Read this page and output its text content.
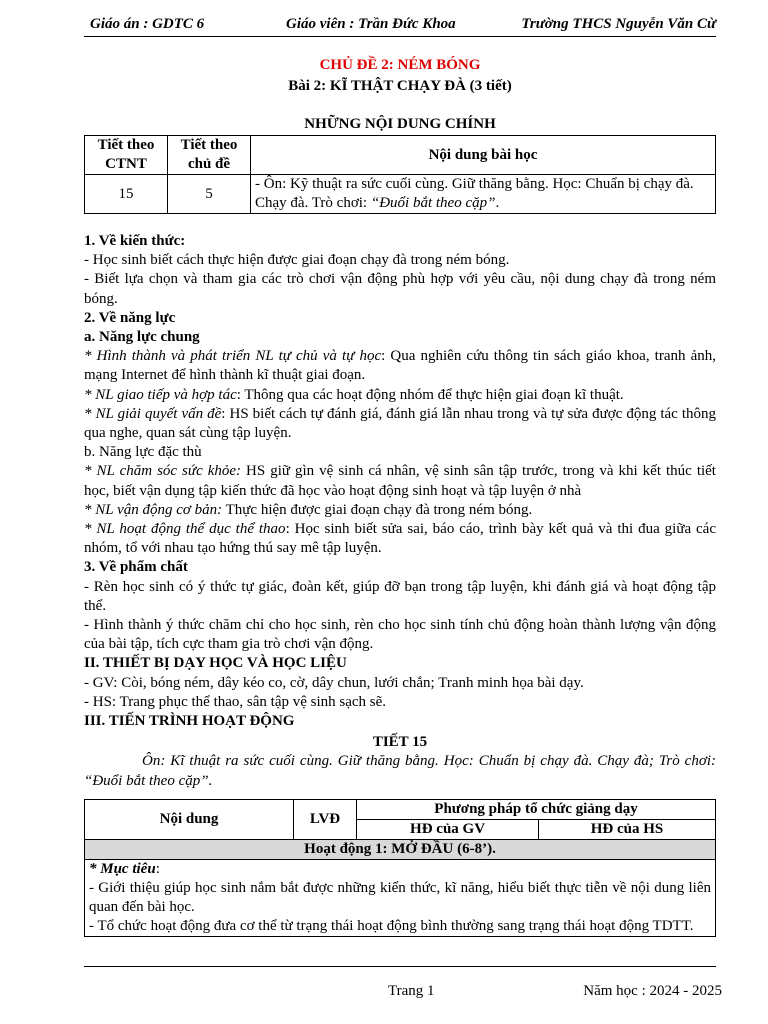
Giáo án : GDTC 6	Giáo viên : Trần Đức Khoa	Trường THCS Nguyễn Văn Cừ
CHỦ ĐỀ 2: NÉM BÓNG
Bài 2: KĨ THẬT CHẠY ĐÀ (3 tiết)
NHỮNG NỘI DUNG CHÍNH
Tiết theo CTNT	Tiết theo chủ đề	Nội dung bài học
15	5	- Ôn: Kỹ thuật ra sức cuối cùng. Giữ thăng bằng. Học: Chuẩn bị chạy đà. Chạy đà. Trò chơi: “Đuổi bắt theo cặp”.

1. Về kiến thức:

- Học sinh biết cách thực hiện được giai đoạn chạy đà trong ném bóng.

- Biết lựa chọn và tham gia các trò chơi vận động phù hợp với yêu cầu, nội dung chạy đà trong ném bóng.

2. Về năng lực

a. Năng lực chung

* Hình thành và phát triển NL tự chủ và tự học: Qua nghiên cứu thông tin sách giáo khoa, tranh ảnh, mạng Internet để hình thành kĩ thuật giai đoạn.

* NL giao tiếp và hợp tác: Thông qua các hoạt động nhóm để thực hiện giai đoạn kĩ thuật.

* NL giải quyết vấn đề: HS biết cách tự đánh giá, đánh giá lẫn nhau trong và tự sửa được động tác thông qua nghe, quan sát cùng tập luyện.

b. Năng lực đặc thù

* NL chăm sóc sức khỏe: HS giữ gìn vệ sinh cá nhân, vệ sinh sân tập trước, trong và khi kết thúc tiết học, biết vận dụng tập kiến thức đã học vào hoạt động sinh hoạt và tập luyện ở nhà

* NL vận động cơ bản: Thực hiện được giai đoạn chạy đà trong ném bóng.

* NL hoạt động thể dục thể thao: Học sinh biết sửa sai, báo cáo, trình bày kết quả và thi đua giữa các nhóm, tổ với nhau tạo hứng thú say mê tập luyện.

3. Về phẩm chất

- Rèn học sinh có ý thức tự giác, đoàn kết, giúp đỡ bạn trong tập luyện, khi đánh giá và hoạt động tập thể.

- Hình thành ý thức chăm chỉ cho học sinh, rèn cho học sinh tính chủ động hoàn thành lượng vận động của bài tập, tích cực tham gia trò chơi vận động.

II. THIẾT BỊ DẠY HỌC VÀ HỌC LIỆU

- GV: Còi, bóng ném, dây kéo co, cờ, dây chun, lưới chắn; Tranh minh họa bài dạy.

- HS: Trang phục thể thao, sân tập vệ sinh sạch sẽ.

III. TIẾN TRÌNH HOẠT ĐỘNG

TIẾT 15

Ôn: Kĩ thuật ra sức cuối cùng. Giữ thăng bằng. Học: Chuẩn bị chạy đà. Chạy đà; Trò chơi: “Đuổi bắt theo cặp”.

Nội dung	LVĐ	Phương pháp tổ chức giảng dạy	
		HĐ của GV	HĐ của HS
Hoạt động 1: MỞ ĐẦU (6-8’).			
* Mục tiêu:
- Giới thiệu giúp học sinh nắm bắt được những kiến thức, kĩ năng, hiểu biết thực tiễn về nội dung liên quan đến bài học.
- Tổ chức hoạt động đưa cơ thể từ trạng thái hoạt động bình thường sang trạng thái hoạt động TDTT.			
Trang 1	Năm học : 2024 - 2025
